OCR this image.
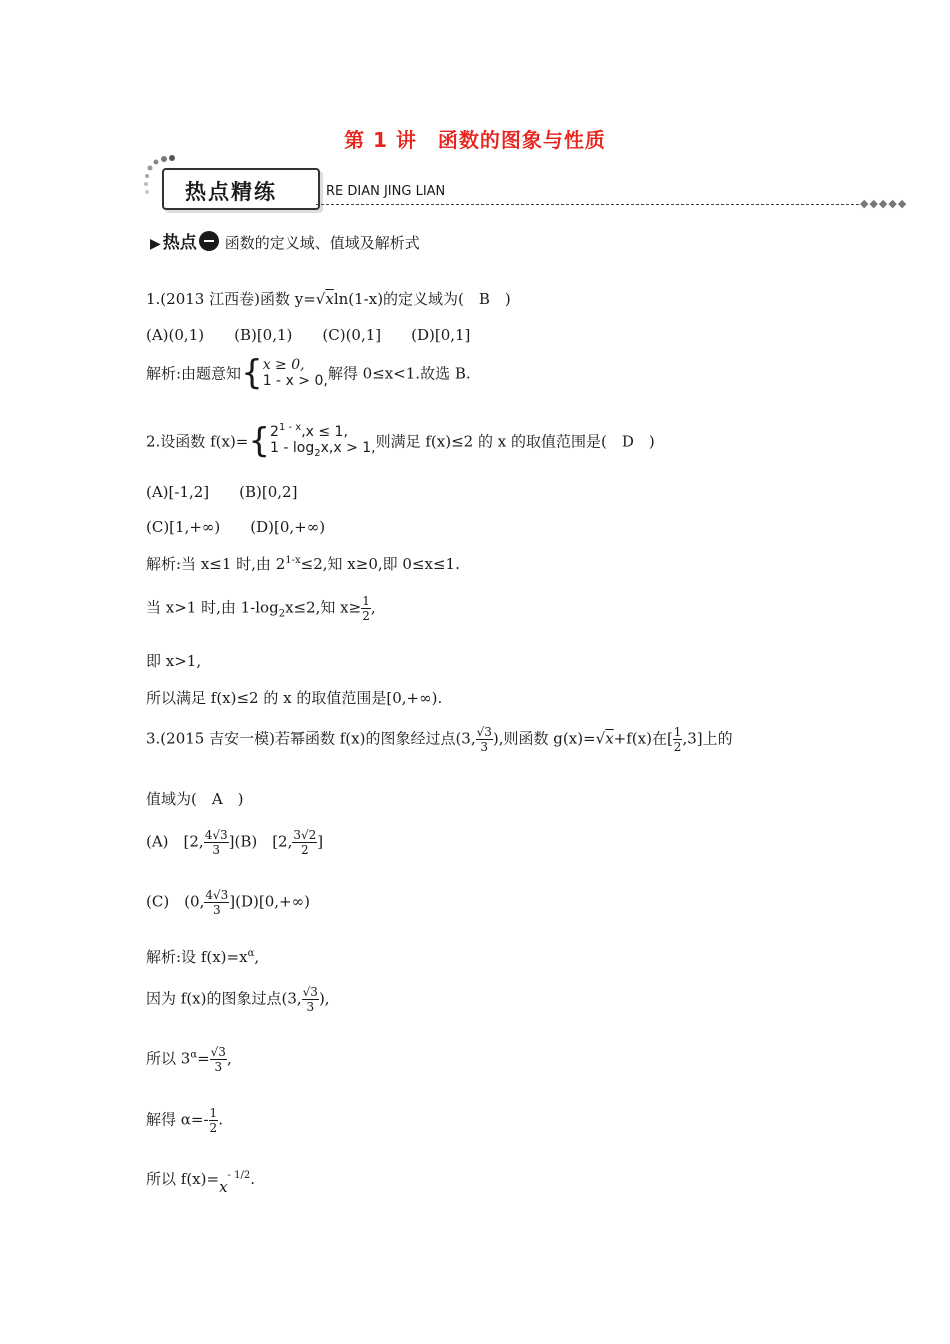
第 1 讲　函数的图象与性质
热点精练	RE DIAN JING LIAN
◆◆◆◆◆
▶ 热点 函数的定义域、值域及解析式
1.(2013 江西卷)函数 y=√xln(1-x)的定义域为(　B　)
(A)(0,1)　　(B)[0,1)　　(C)(0,1]　　(D)[0,1]
解析:由题意知{x ≥ 0,
1 - x > 0,解得 0≤x<1.故选 B.
2.设函数 $f(x)=\{2^{1 - x},x \le 1$,
$1 - \log_2x,x > 1$,则满足 f(x)≤2 的 x 的取值范围是(　D　)
(A)[-1,2]　　(B)[0,2]
(C)[1,+∞)　　(D)[0,+∞)
解析:当 x≤1 时,由 $2^{1-x}\le 2$,知 x≥0,即 0≤x≤1.
当 x>1 时,由 $1-\log_2x\le 2$,知 $x\ge \frac{1}{2}$ ,
即 x>1,
所以满足 f(x)≤2 的 x 的取值范围是[0,+∞).
3.(2015 吉安一模)若幂函数 f(x)的图象经过点(3, $\frac{√3}{3}$ ),则函数 g(x)=√x+f(x)在[ $\frac{1}{2} ,3$]上的
值域为(　A　)
(A)　[2, $\frac{4√3}{3} ](B)$　[2, $\frac{3√2}{2}$ ]
(C)　(0, $\frac{4√3}{3} ](D)[0,+\infty)$
解析:设 $f(x)=x^\alpha$,
因为 f(x)的图象过点(3, $\frac{√3}{3}$ ),
所以 $3^\alpha= \frac{√3}{3}$ ,
解得 $\alpha=- \frac{1}{2}$ .
所以 $f(x)=x^{- 1/2}$.
